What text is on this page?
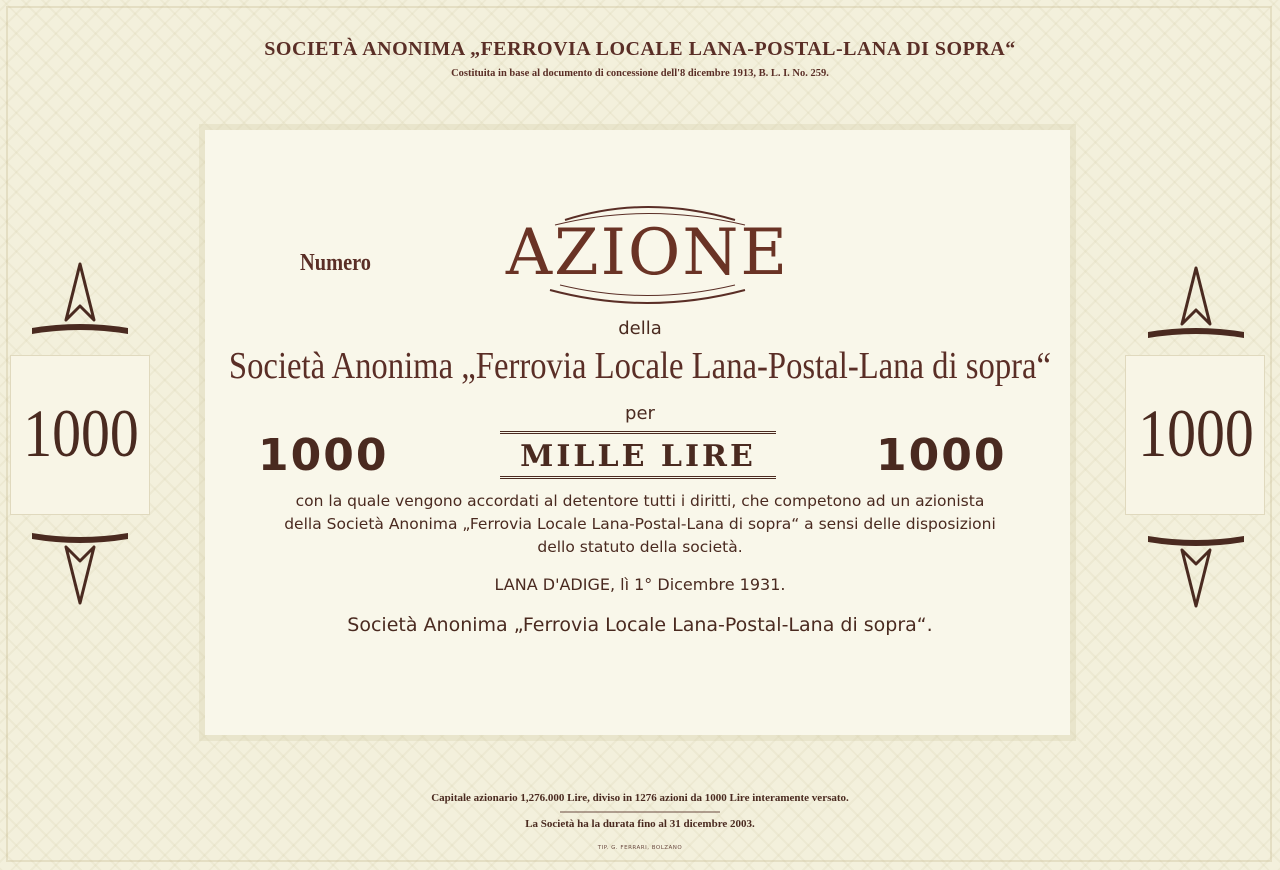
SOCIETÀ ANONIMA „FERROVIA LOCALE LANA-POSTAL-LANA DI SOPRA“
Costituita in base al documento di concessione dell'8 dicembre 1913, B. L. I. No. 259.
Numero AZIONE
della
Società Anonima „Ferrovia Locale Lana-Postal-Lana di sopra“
per
1000	MILLE LIRE	1000
con la quale vengono accordati al detentore tutti i diritti, che competono ad un azionista
della Società Anonima „Ferrovia Locale Lana-Postal-Lana di sopra“ a sensi delle disposizioni
dello statuto della società.
LANA D'ADIGE, lì 1° Dicembre 1931.
Società Anonima „Ferrovia Locale Lana-Postal-Lana di sopra“.
Capitale azionario 1,276.000 Lire, diviso in 1276 azioni da 1000 Lire interamente versato.
La Società ha la durata fino al 31 dicembre 2003.
TIP. G. FERRARI, BOLZANO
1000	1000
